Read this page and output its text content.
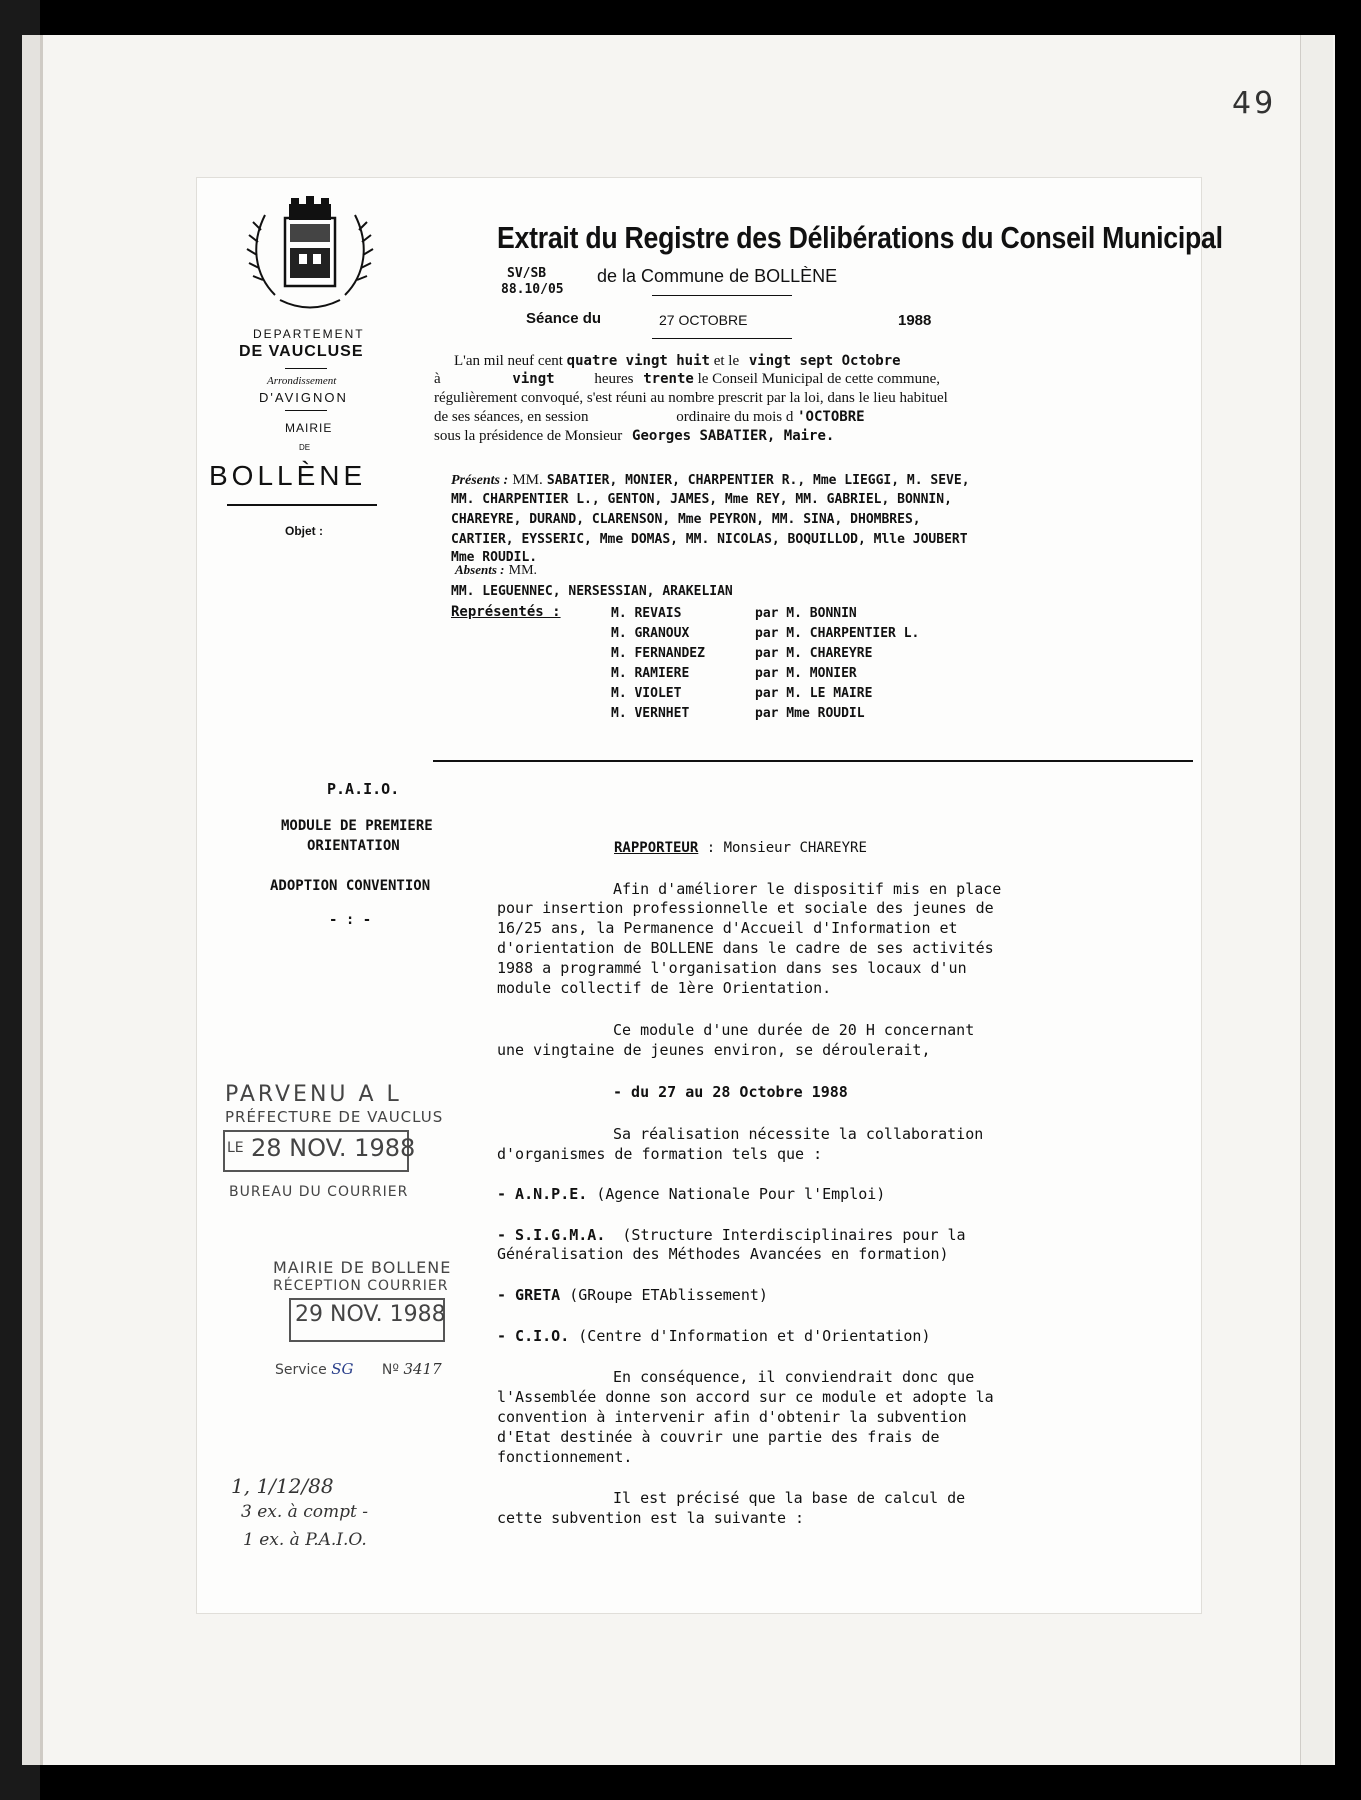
49
DEPARTEMENT
DE VAUCLUSE
Arrondissement
D'AVIGNON
MAIRIE
DE
BOLLÈNE
Objet :
Extrait du Registre des Délibérations du Conseil Municipal
SV/SB
88.10/05
de la Commune de BOLLÈNE
Séance du	27 OCTOBRE	1988
L'an mil neuf cent quatre vingt huit et le vingt sept Octobre
à	vingt	heures trente le Conseil Municipal de cette commune,
régulièrement convoqué, s'est réuni au nombre prescrit par la loi, dans le lieu habituel
de ses séances, en session	ordinaire du mois d 'OCTOBRE
sous la présidence de Monsieur Georges SABATIER, Maire.
Présents : MM. SABATIER, MONIER, CHARPENTIER R., Mme LIEGGI, M. SEVE,
MM. CHARPENTIER L., GENTON, JAMES, Mme REY, MM. GABRIEL, BONNIN,
CHAREYRE, DURAND, CLARENSON, Mme PEYRON, MM. SINA, DHOMBRES,
CARTIER, EYSSERIC, Mme DOMAS, MM. NICOLAS, BOQUILLOD, Mlle JOUBERT
Mme ROUDIL.
Absents : MM.
MM. LEGUENNEC, NERSESSIAN, ARAKELIAN
Représentés :	M. REVAIS	par M. BONNIN
M. GRANOUX	par M. CHARPENTIER L.
M. FERNANDEZ	par M. CHAREYRE
M. RAMIERE	par M. MONIER
M. VIOLET	par M. LE MAIRE
M. VERNHET	par Mme ROUDIL
P.A.I.O.
MODULE DE PREMIERE
ORIENTATION
ADOPTION CONVENTION
- : -
RAPPORTEUR : Monsieur CHAREYRE
Afin d'améliorer le dispositif mis en place
pour insertion professionnelle et sociale des jeunes de
16/25 ans, la Permanence d'Accueil d'Information et
d'orientation de BOLLENE dans le cadre de ses activités
1988 a programmé l'organisation dans ses locaux d'un
module collectif de 1ère Orientation.
Ce module d'une durée de 20 H concernant
une vingtaine de jeunes environ, se déroulerait,
- du 27 au 28 Octobre 1988
Sa réalisation nécessite la collaboration
d'organismes de formation tels que :
- A.N.P.E. (Agence Nationale Pour l'Emploi)
- S.I.G.M.A. (Structure Interdisciplinaires pour la
Généralisation des Méthodes Avancées en formation)
- GRETA (GRoupe ETAblissement)
- C.I.O. (Centre d'Information et d'Orientation)
En conséquence, il conviendrait donc que
l'Assemblée donne son accord sur ce module et adopte la
convention à intervenir afin d'obtenir la subvention
d'Etat destinée à couvrir une partie des frais de
fonctionnement.
Il est précisé que la base de calcul de
cette subvention est la suivante :
PARVENU A L
PRÉFECTURE DE VAUCLUS
LE 28 NOV. 1988
BUREAU DU COURRIER
MAIRIE DE BOLLENE
RÉCEPTION COURRIER
29 NOV. 1988
Service SG Nº 3417
1, 1/12/88
3 ex. à compt -
1 ex. à P.A.I.O.
